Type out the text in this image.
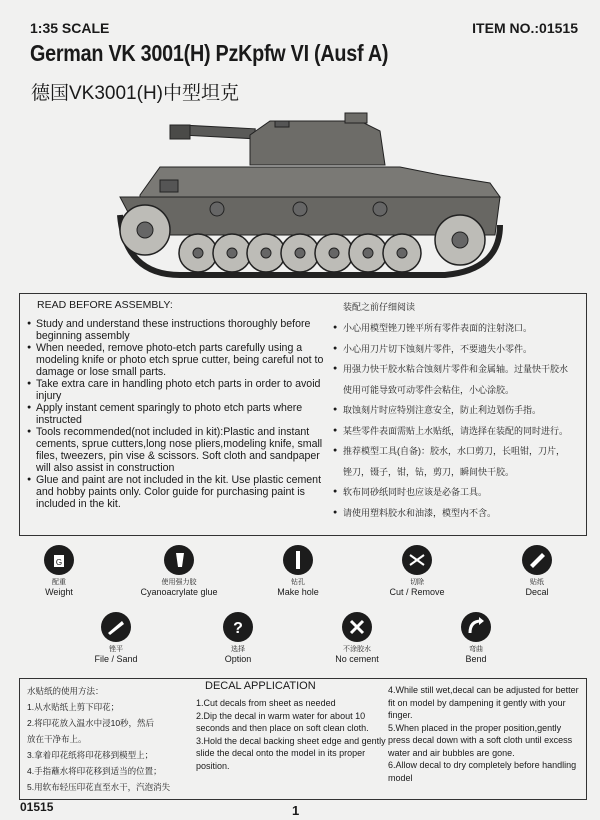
1:35 SCALE	ITEM NO.:01515
German VK 3001(H) PzKpfw VI (Ausf A)
德国VK3001(H)中型坦克
READ BEFORE ASSEMBLY:
● Study and understand these instructions thoroughly before beginning assembly
● When needed, remove photo-etch parts carefully using a modeling knife or photo etch sprue cutter, being careful not to damage or lose small parts.
● Take extra care in handling photo etch parts in order to avoid injury
● Apply instant cement sparingly to photo etch parts where instructed
● Tools recommended(not included in kit):Plastic and instant cements, sprue cutters,long nose pliers,modeling knife, small files, tweezers, pin vise & scissors. Soft cloth and sandpaper will also assist in construction
● Glue and paint are not included in the kit. Use plastic cement and hobby paints only. Color guide for purchasing paint is included in the kit.
装配之前仔细阅读
● 小心用模型锉刀锉平所有零件表面的注射浇口。
● 小心用刀片切下蚀刻片零件，不要遗失小零件。
● 用强力快干胶水粘合蚀刻片零件和金属轴。过量快干胶水
使用可能导致可动零件会粘住，小心涂胶。
● 取蚀刻片时应特别注意安全，防止利边划伤手指。
● 某些零件表面需贴上水贴纸，请选择在装配的同时进行。
● 推荐模型工具(自备)：胶水，水口剪刀，长咀钳，刀片，
锉刀，镊子，钳，钻，剪刀，瞬间快干胶。
● 软布同砂纸同时也应该是必备工具。
● 请使用塑料胶水和油漆，模型内不含。
G
配重
Weight
使用强力胶
Cyanoacrylate glue
钻孔
Make hole
切除
Cut / Remove
贴纸
Decal
锉平
File / Sand
?
选择
Option
不涂胶水
No cement
弯曲
Bend
水贴纸的使用方法：
1.从水贴纸上剪下印花；
2.将印花放入温水中浸10秒，然后
放在干净布上。
3.拿着印花纸将印花移到模型上；
4.手指蘸水将印花移到适当的位置；
5.用软布轻压印花直至水干，汽泡消失
DECAL APPLICATION
1.Cut decals from sheet as needed
2.Dip the decal in warm water for about 10 seconds and then place on soft clean cloth.
3.Hold the decal backing sheet edge and gently slide the decal onto the model in its proper position.
4.While still wet,decal can be adjusted for better fit on model by dampening it gently with your finger.
5.When placed in the proper position,gently press decal down with a soft cloth until excess water and air bubbles are gone.
6.Allow decal to dry completely before handling model
01515	1
